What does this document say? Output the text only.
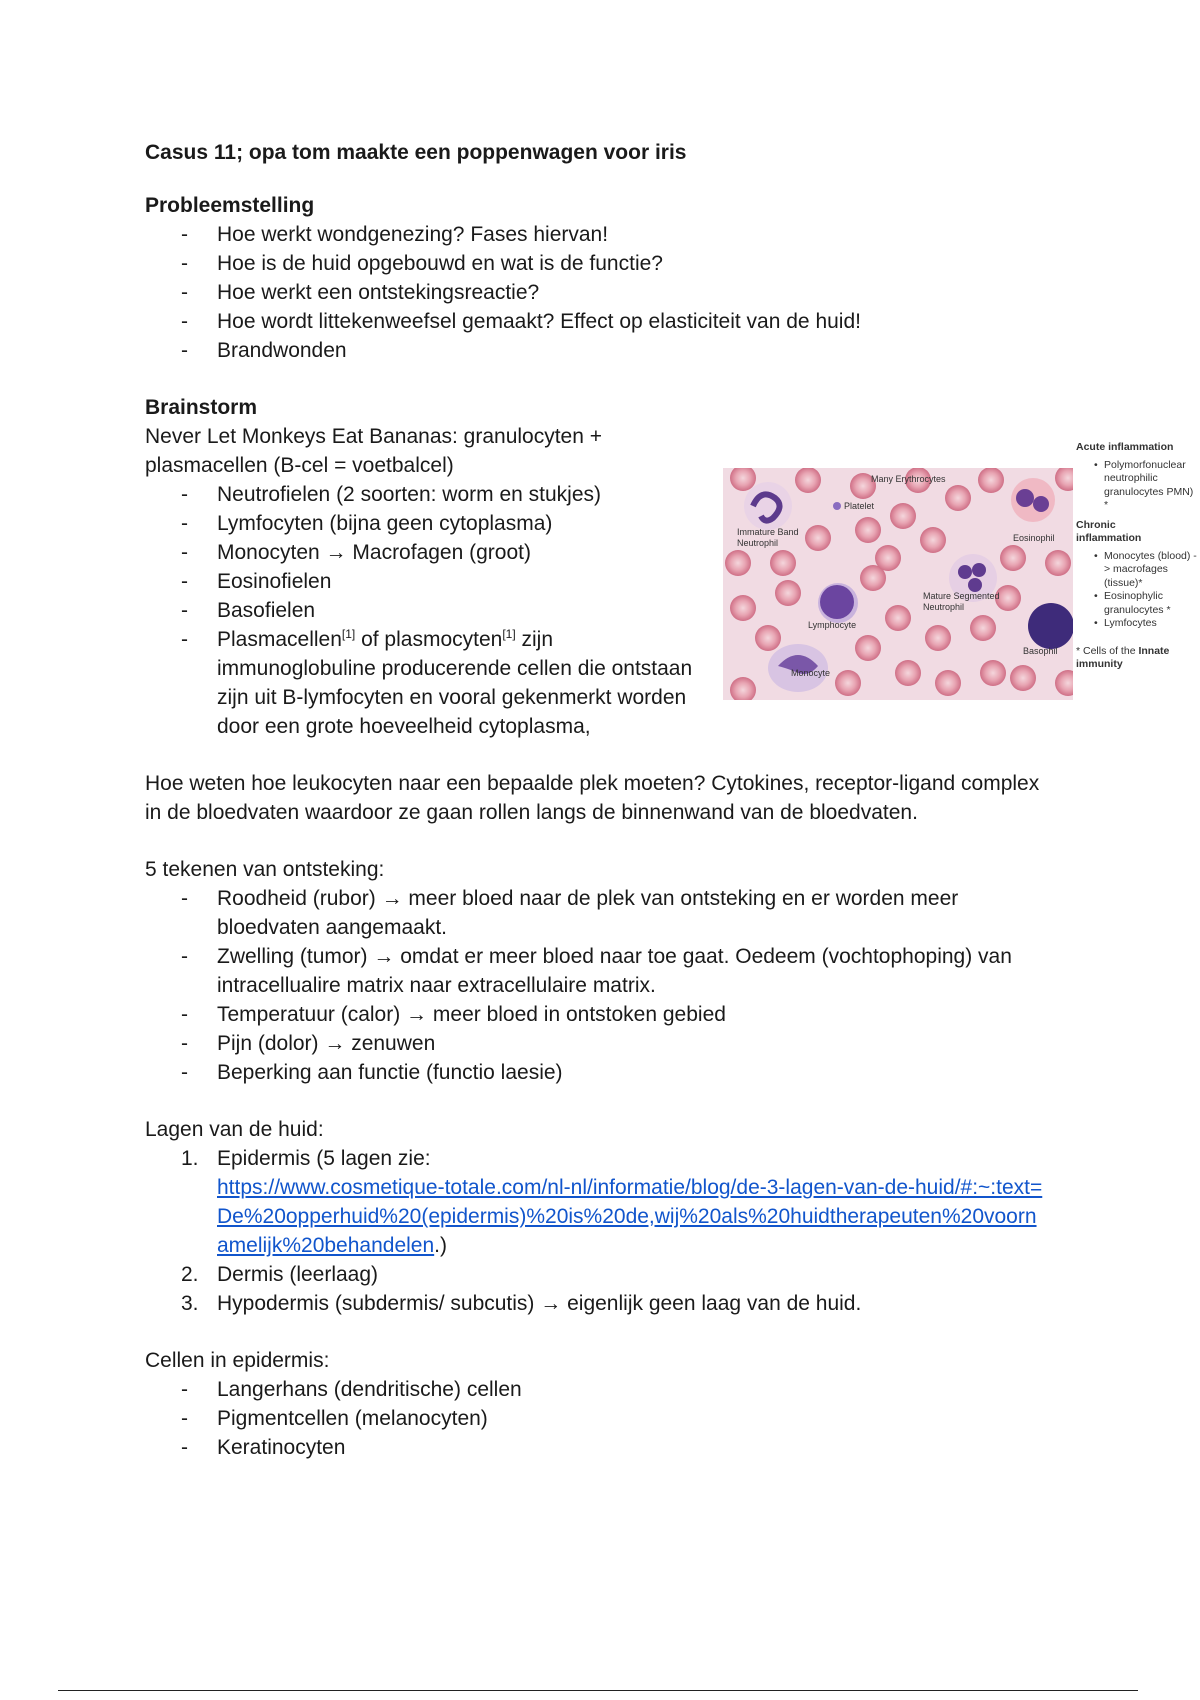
Casus 11; opa tom maakte een poppenwagen voor iris

Probleemstelling

- Hoe werkt wondgenezing? Fases hiervan!
- Hoe is de huid opgebouwd en wat is de functie?
- Hoe werkt een ontstekingsreactie?
- Hoe wordt littekenweefsel gemaakt? Effect op elasticiteit van de huid!
- Brandwonden

Brainstorm

Never Let Monkeys Eat Bananas: granulocyten + plasmacellen (B-cel = voetbalcel)

- Neutrofielen (2 soorten: worm en stukjes)
- Lymfocyten (bijna geen cytoplasma)
- Monocyten → Macrofagen (groot)
- Eosinofielen
- Basofielen
- Plasmacellen[1] of plasmocyten[1] zijn immunoglobuline producerende cellen die ontstaan zijn uit B-lymfocyten en vooral gekenmerkt worden door een grote hoeveelheid cytoplasma,

Hoe weten hoe leukocyten naar een bepaalde plek moeten? Cytokines, receptor-ligand complex in de bloedvaten waardoor ze gaan rollen langs de binnenwand van de bloedvaten.

5 tekenen van ontsteking:

- Roodheid (rubor) → meer bloed naar de plek van ontsteking en er worden meer bloedvaten aangemaakt.
- Zwelling (tumor) → omdat er meer bloed naar toe gaat. Oedeem (vochtophoping) van intracellualire matrix naar extracellulaire matrix.
- Temperatuur (calor) → meer bloed in ontstoken gebied
- Pijn (dolor) → zenuwen
- Beperking aan functie (functio laesie)

Lagen van de huid:

1. Epidermis (5 lagen zie:
https://www.cosmetique-totale.com/nl-nl/informatie/blog/de-3-lagen-van-de-huid/#:~:text=De%20opperhuid%20(epidermis)%20is%20de,wij%20als%20huidtherapeuten%20voornamelijk%20behandelen.)
2. Dermis (leerlaag)
3. Hypodermis (subdermis/ subcutis) → eigenlijk geen laag van de huid.

Cellen in epidermis:

- Langerhans (dendritische) cellen
- Pigmentcellen (melanocyten)
- Keratinocyten
Many Erythrocytes
Platelet
Immature Band
Neutrophil	Eosinophil
Mature Segmented
Neutrophil
Lymphocyte
Basophil
Monocyte

Acute inflammation

• Polymorfonuclear neutrophilic granulocytes PMN) *

Chronic

inflammation

• Monocytes (blood) -> macrofages (tissue)*
• Eosinophylic granulocytes *
• Lymfocytes

* Cells of the Innate immunity
